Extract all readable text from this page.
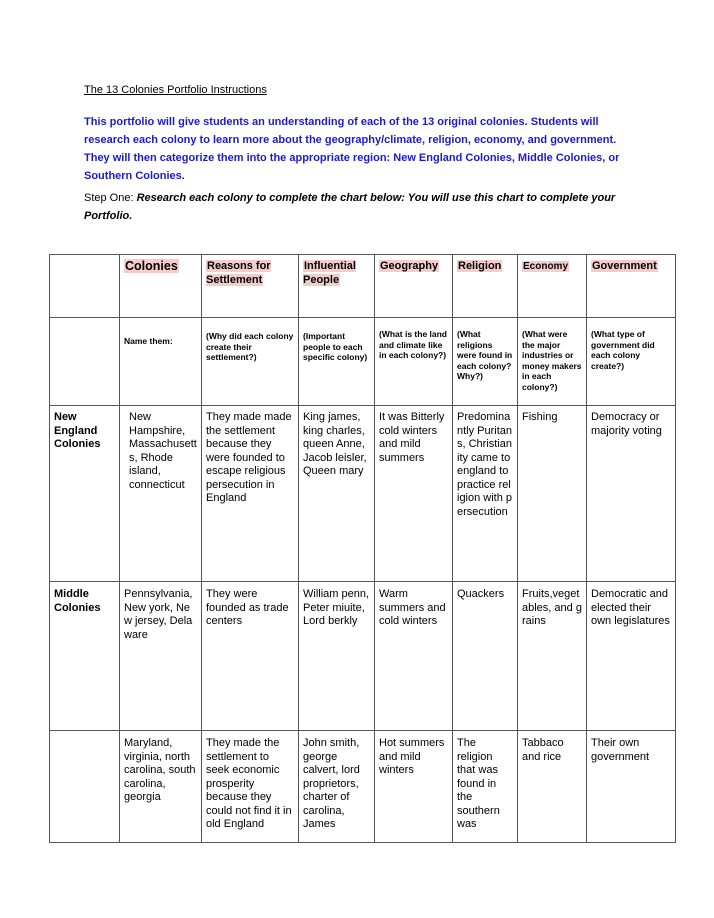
The 13 Colonies Portfolio Instructions
This portfolio will give students an understanding of each of the 13 original colonies. Students will research each colony to learn more about the geography/climate, religion, economy, and government. They will then categorize them into the appropriate region: New England Colonies, Middle Colonies, or Southern Colonies.
Step One: Research each colony to complete the chart below: You will use this chart to complete your Portfolio.
	Colonies	Reasons for Settlement	Influential People	Geography	Religion	Economy	Government

	Name them:	(Why did each colony create their settlement?)	(Important people to each specific colony)	(What is the land and climate like in each colony?)	(What religions were found in each colony? Why?)	(What were the major industries or money makers in each colony?)	(What type of government did each colony create?)

New England Colonies	New Hampshire, Massachusetts, Rhode island, connecticut	They made made the settlement because they were founded to escape religious persecution in England	King james, king charles, queen Anne, Jacob leisler, Queen mary	It was Bitterly cold winters and mild summers	Predominantly Puritans, Christianity came to england to practice religion with persecution	Fishing	Democracy or majority voting
Middle Colonies	Pennsylvania, New york, New jersey, Delaware	They were founded as trade centers	William penn, Peter miuite, Lord berkly	Warm summers and cold winters	Quackers	Fruits,vegetables, and grains	Democratic and elected their own legislatures
	Maryland, virginia, north carolina, south carolina, georgia	They made the settlement to seek economic prosperity because they could not find it in old England	John smith, george calvert, lord proprietors, charter of carolina, James	Hot summers and mild winters	The religion that was found in the southern was	Tabbaco and rice	Their own government
